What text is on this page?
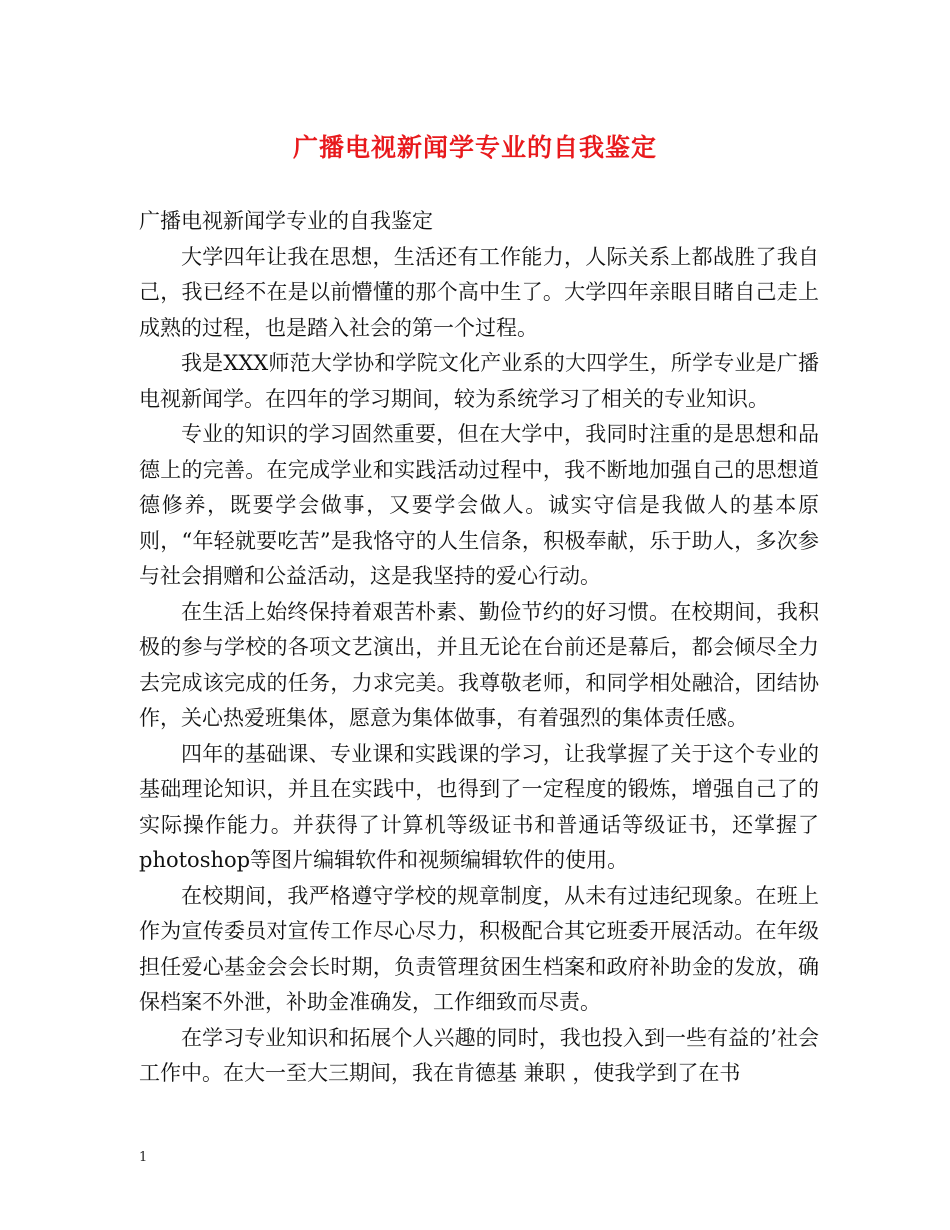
广播电视新闻学专业的自我鉴定

广播电视新闻学专业的自我鉴定

大学四年让我在思想，生活还有工作能力，人际关系上都战胜了我自己，我已经不在是以前懵懂的那个高中生了。大学四年亲眼目睹自己走上成熟的过程，也是踏入社会的第一个过程。

我是XXX师范大学协和学院文化产业系的大四学生，所学专业是广播电视新闻学。在四年的学习期间，较为系统学习了相关的专业知识。

专业的知识的学习固然重要，但在大学中，我同时注重的是思想和品德上的完善。在完成学业和实践活动过程中，我不断地加强自己的思想道德修养，既要学会做事，又要学会做人。诚实守信是我做人的基本原则，“年轻就要吃苦”是我恪守的人生信条，积极奉献，乐于助人，多次参与社会捐赠和公益活动，这是我坚持的爱心行动。

在生活上始终保持着艰苦朴素、勤俭节约的好习惯。在校期间，我积极的参与学校的各项文艺演出，并且无论在台前还是幕后，都会倾尽全力去完成该完成的任务，力求完美。我尊敬老师，和同学相处融洽，团结协作，关心热爱班集体，愿意为集体做事，有着强烈的集体责任感。

四年的基础课、专业课和实践课的学习，让我掌握了关于这个专业的基础理论知识，并且在实践中，也得到了一定程度的锻炼，增强自己了的实际操作能力。并获得了计算机等级证书和普通话等级证书，还掌握了photoshop等图片编辑软件和视频编辑软件的使用。

在校期间，我严格遵守学校的规章制度，从未有过违纪现象。在班上作为宣传委员对宣传工作尽心尽力，积极配合其它班委开展活动。在年级担任爱心基金会会长时期，负责管理贫困生档案和政府补助金的发放，确保档案不外泄，补助金准确发，工作细致而尽责。

在学习专业知识和拓展个人兴趣的同时，我也投入到一些有益的’社会工作中。在大一至大三期间，我在肯德基 兼职 ，使我学到了在书

1
